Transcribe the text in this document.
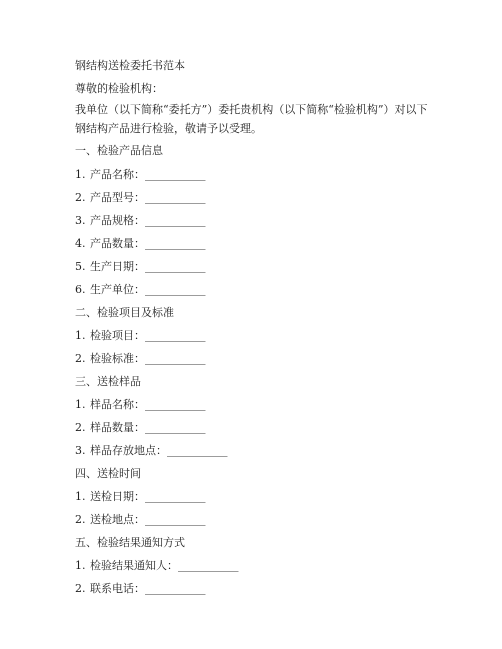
钢结构送检委托书范本
尊敬的检验机构：
我单位（以下简称“委托方”）委托贵机构（以下简称“检验机构”）对以下钢结构产品进行检验，敬请予以受理。
一、检验产品信息
1. 产品名称：___________
2. 产品型号：___________
3. 产品规格：___________
4. 产品数量：___________
5. 生产日期：___________
6. 生产单位：___________
二、检验项目及标准
1. 检验项目：___________
2. 检验标准：___________
三、送检样品
1. 样品名称：___________
2. 样品数量：___________
3. 样品存放地点：___________
四、送检时间
1. 送检日期：___________
2. 送检地点：___________
五、检验结果通知方式
1. 检验结果通知人：___________
2. 联系电话：___________
